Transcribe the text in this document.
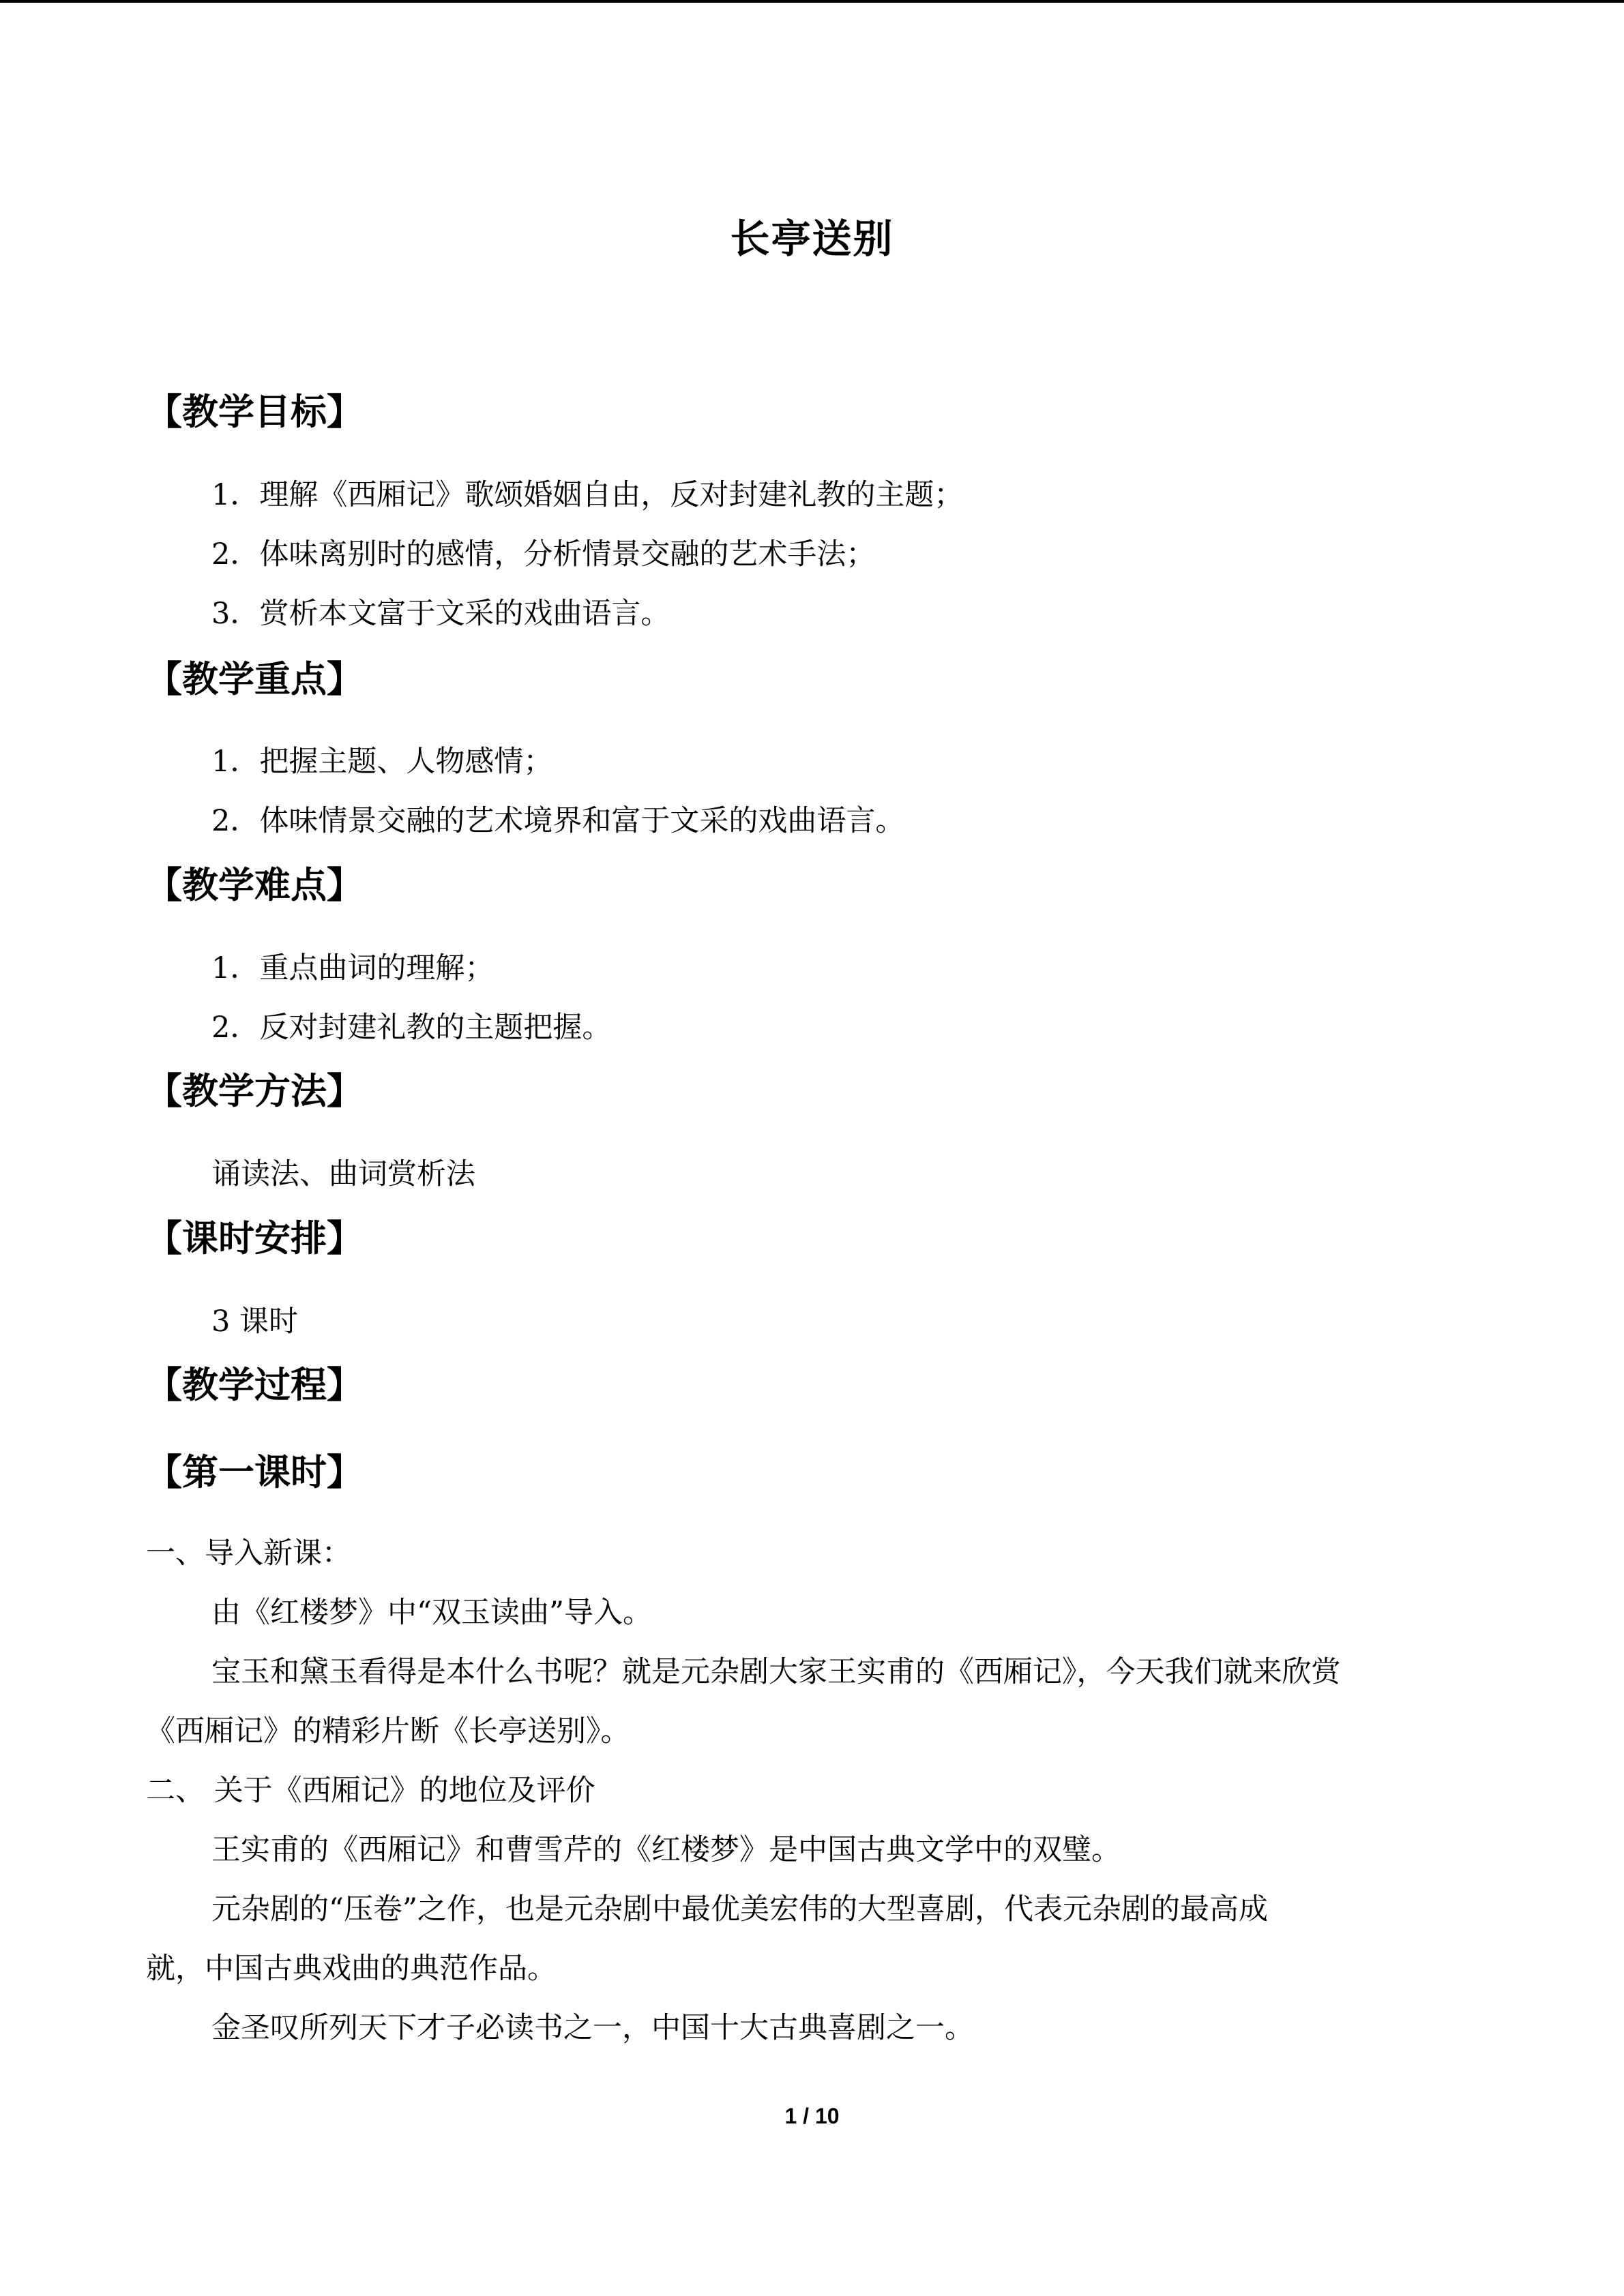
长亭送别
【教学目标】
1．理解《西厢记》歌颂婚姻自由，反对封建礼教的主题；
2．体味离别时的感情，分析情景交融的艺术手法；
3．赏析本文富于文采的戏曲语言。
【教学重点】
1．把握主题、人物感情；
2．体味情景交融的艺术境界和富于文采的戏曲语言。
【教学难点】
1．重点曲词的理解；
2．反对封建礼教的主题把握。
【教学方法】
诵读法、曲词赏析法
【课时安排】
3 课时
【教学过程】
【第一课时】
一、导入新课：
由《红楼梦》中“双玉读曲”导入。
宝玉和黛玉看得是本什么书呢？就是元杂剧大家王实甫的《西厢记》，今天我们就来欣赏
《西厢记》的精彩片断《长亭送别》。
二、 关于《西厢记》的地位及评价
王实甫的《西厢记》和曹雪芹的《红楼梦》是中国古典文学中的双璧。
元杂剧的“压卷”之作，也是元杂剧中最优美宏伟的大型喜剧，代表元杂剧的最高成
就，中国古典戏曲的典范作品。
金圣叹所列天下才子必读书之一，中国十大古典喜剧之一。
1 / 10
